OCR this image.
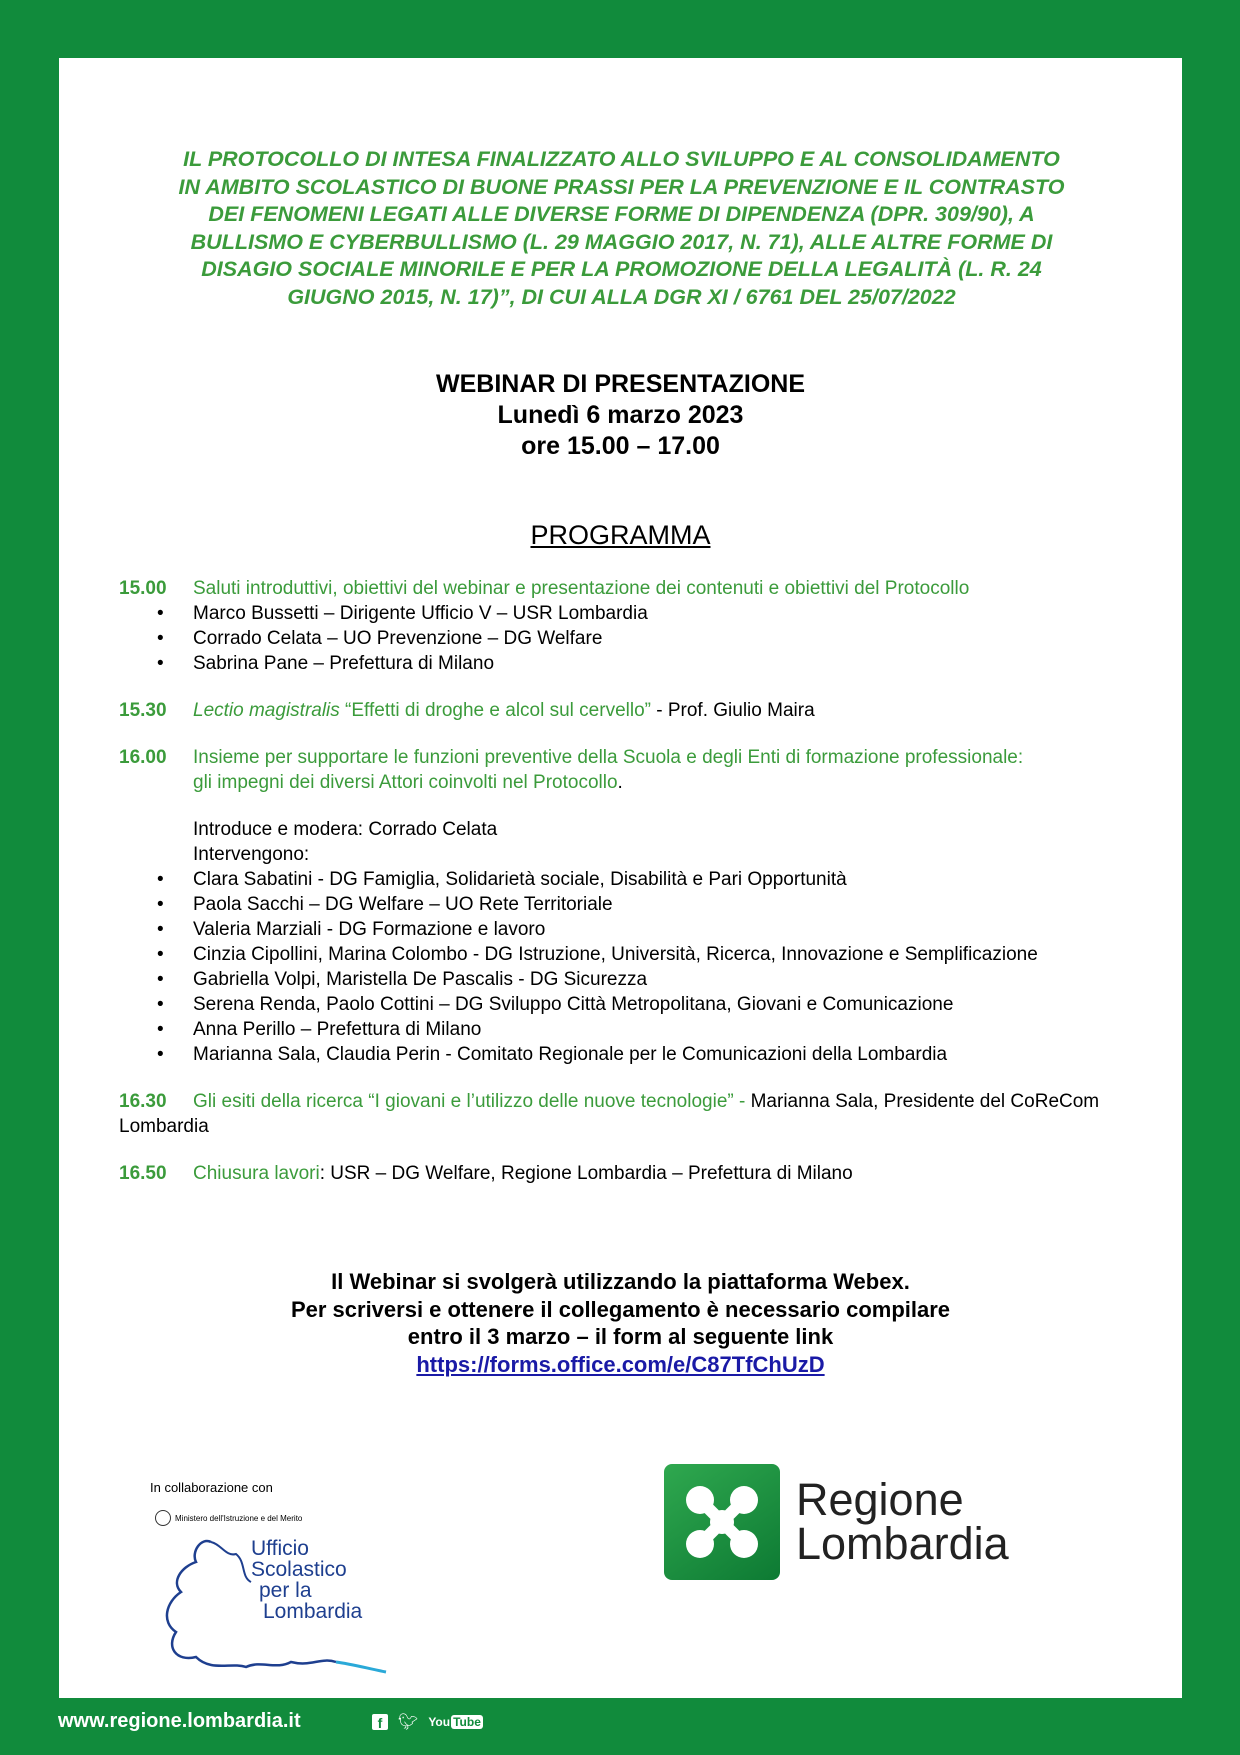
IL PROTOCOLLO DI INTESA FINALIZZATO ALLO SVILUPPO E AL CONSOLIDAMENTO
IN AMBITO SCOLASTICO DI BUONE PRASSI PER LA PREVENZIONE E IL CONTRASTO
DEI FENOMENI LEGATI ALLE DIVERSE FORME DI DIPENDENZA (DPR. 309/90), A
BULLISMO E CYBERBULLISMO (L. 29 MAGGIO 2017, N. 71), ALLE ALTRE FORME DI
DISAGIO SOCIALE MINORILE E PER LA PROMOZIONE DELLA LEGALITÀ (L. R. 24
GIUGNO 2015, N. 17)”, DI CUI ALLA DGR XI / 6761 DEL 25/07/2022
WEBINAR DI PRESENTAZIONE
Lunedì 6 marzo 2023
ore 15.00 – 17.00
PROGRAMMA
15.00 Saluti introduttivi, obiettivi del webinar e presentazione dei contenuti e obiettivi del Protocollo
• Marco Bussetti – Dirigente Ufficio V – USR Lombardia
• Corrado Celata – UO Prevenzione – DG Welfare
• Sabrina Pane – Prefettura di Milano
15.30 Lectio magistralis “Effetti di droghe e alcol sul cervello” - Prof. Giulio Maira
16.00 Insieme per supportare le funzioni preventive della Scuola e degli Enti di formazione professionale:
gli impegni dei diversi Attori coinvolti nel Protocollo.
Introduce e modera: Corrado Celata
Intervengono:
• Clara Sabatini - DG Famiglia, Solidarietà sociale, Disabilità e Pari Opportunità
• Paola Sacchi – DG Welfare – UO Rete Territoriale
• Valeria Marziali - DG Formazione e lavoro
• Cinzia Cipollini, Marina Colombo - DG Istruzione, Università, Ricerca, Innovazione e Semplificazione
• Gabriella Volpi, Maristella De Pascalis - DG Sicurezza
• Serena Renda, Paolo Cottini – DG Sviluppo Città Metropolitana, Giovani e Comunicazione
• Anna Perillo – Prefettura di Milano
• Marianna Sala, Claudia Perin - Comitato Regionale per le Comunicazioni della Lombardia
16.30 Gli esiti della ricerca “I giovani e l’utilizzo delle nuove tecnologie” - Marianna Sala, Presidente del CoReCom Lombardia
16.50 Chiusura lavori: USR – DG Welfare, Regione Lombardia – Prefettura di Milano
Il Webinar si svolgerà utilizzando la piattaforma Webex.
Per scriversi e ottenere il collegamento è necessario compilare
entro il 3 marzo – il form al seguente link
https://forms.office.com/e/C87TfChUzD
In collaborazione con
Ministero dell'Istruzione e del Merito
Ufficio
Scolastico
per la
Lombardia
Regione
Lombardia
www.regione.lombardia.it	f 🐦︎ You Tube
